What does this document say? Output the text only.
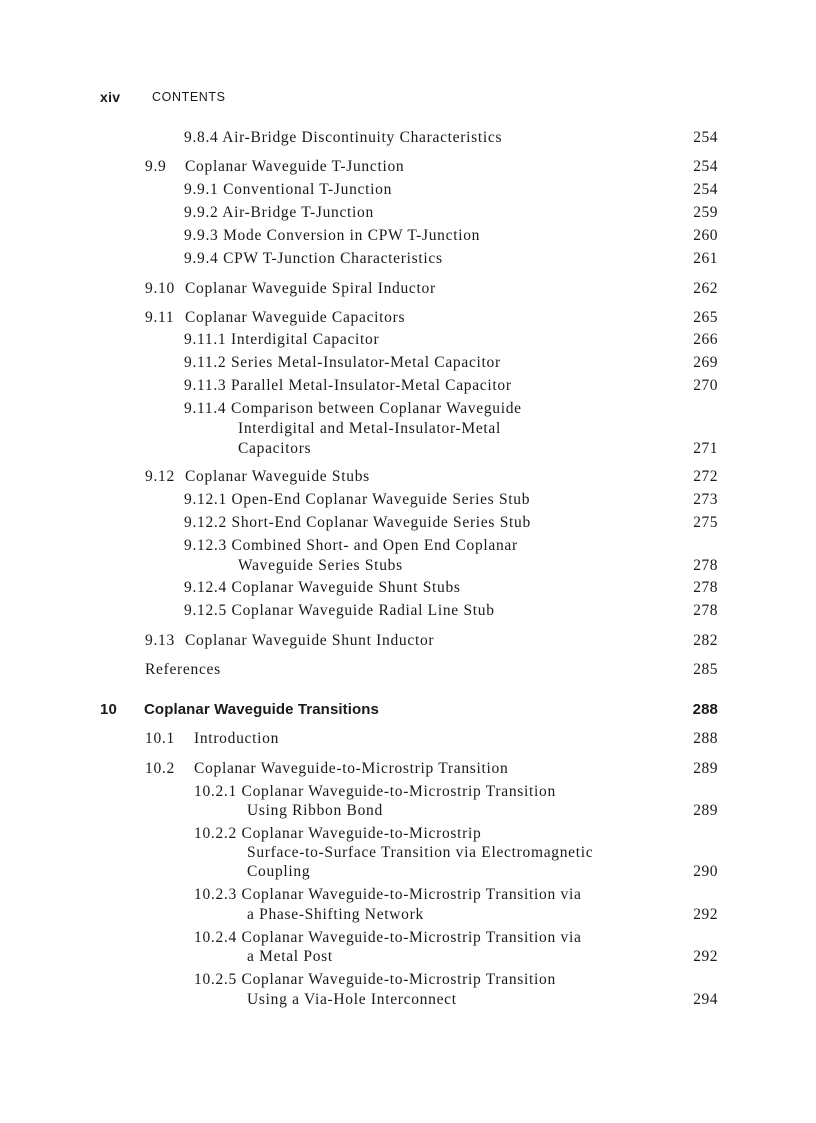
xiv	CONTENTS
9.8.4 Air-Bridge Discontinuity Characteristics	254
9.9 Coplanar Waveguide T-Junction	254
9.9.1 Conventional T-Junction	254
9.9.2 Air-Bridge T-Junction	259
9.9.3 Mode Conversion in CPW T-Junction	260
9.9.4 CPW T-Junction Characteristics	261
9.10 Coplanar Waveguide Spiral Inductor	262
9.11 Coplanar Waveguide Capacitors	265
9.11.1 Interdigital Capacitor	266
9.11.2 Series Metal-Insulator-Metal Capacitor	269
9.11.3 Parallel Metal-Insulator-Metal Capacitor	270
9.11.4 Comparison between Coplanar Waveguide
Interdigital and Metal-Insulator-Metal
Capacitors	271
9.12 Coplanar Waveguide Stubs	272
9.12.1 Open-End Coplanar Waveguide Series Stub	273
9.12.2 Short-End Coplanar Waveguide Series Stub	275
9.12.3 Combined Short- and Open End Coplanar
Waveguide Series Stubs	278
9.12.4 Coplanar Waveguide Shunt Stubs	278
9.12.5 Coplanar Waveguide Radial Line Stub	278
9.13 Coplanar Waveguide Shunt Inductor	282
References	285
10 Coplanar Waveguide Transitions	288
10.1 Introduction	288
10.2 Coplanar Waveguide-to-Microstrip Transition	289
10.2.1 Coplanar Waveguide-to-Microstrip Transition
Using Ribbon Bond	289
10.2.2 Coplanar Waveguide-to-Microstrip
Surface-to-Surface Transition via Electromagnetic
Coupling	290
10.2.3 Coplanar Waveguide-to-Microstrip Transition via
a Phase-Shifting Network	292
10.2.4 Coplanar Waveguide-to-Microstrip Transition via
a Metal Post	292
10.2.5 Coplanar Waveguide-to-Microstrip Transition
Using a Via-Hole Interconnect	294
